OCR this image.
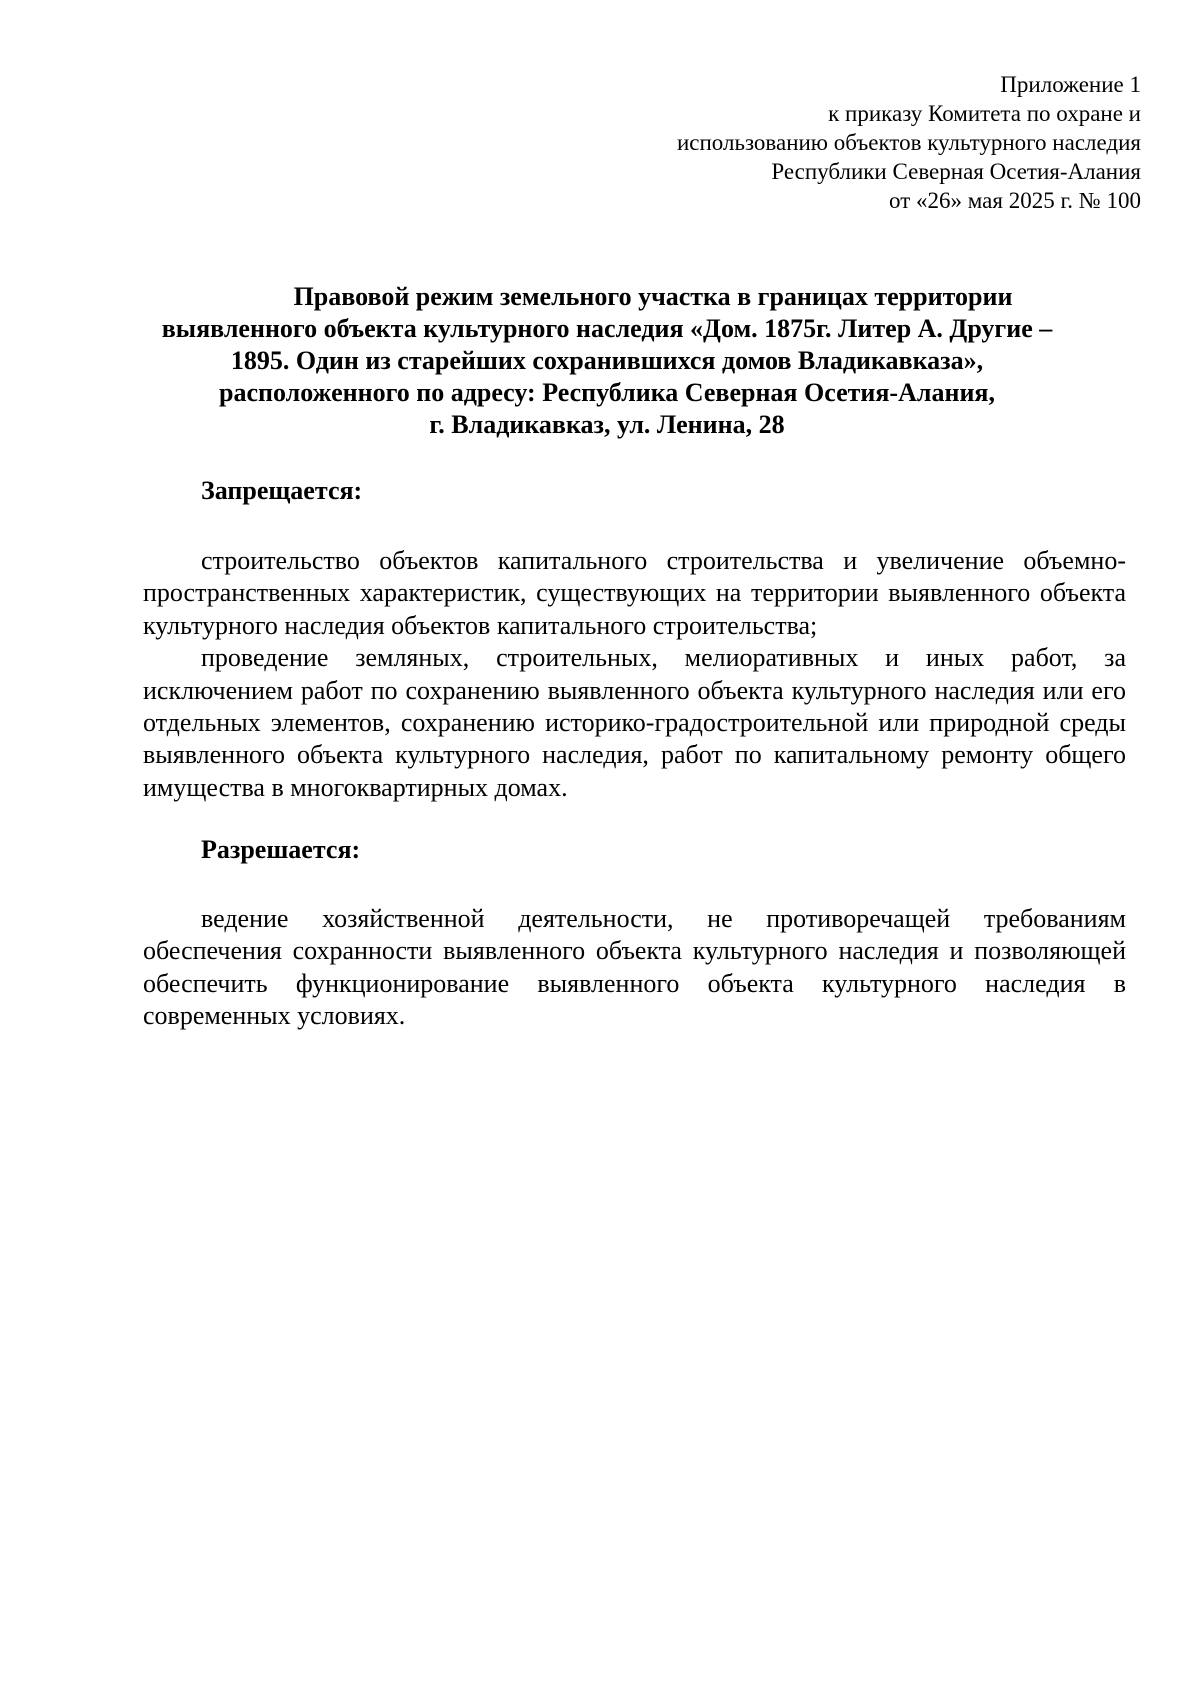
Приложение 1
к приказу Комитета по охране и
использованию объектов культурного наследия
Республики Северная Осетия-Алания
от «26» мая 2025 г. № 100
Правовой режим земельного участка в границах территории
выявленного объекта культурного наследия «Дом. 1875г. Литер А. Другие –
1895. Один из старейших сохранившихся домов Владикавказа»,
расположенного по адресу: Республика Северная Осетия-Алания,
г. Владикавказ, ул. Ленина, 28
Запрещается:

строительство объектов капитального строительства и увеличение объемно-пространственных характеристик, существующих на территории выявленного объекта культурного наследия объектов капитального строительства;

проведение земляных, строительных, мелиоративных и иных работ, за исключением работ по сохранению выявленного объекта культурного наследия или его отдельных элементов, сохранению историко-градостроительной или природной среды выявленного объекта культурного наследия, работ по капитальному ремонту общего имущества в многоквартирных домах.

Разрешается:

ведение хозяйственной деятельности, не противоречащей требованиям обеспечения сохранности выявленного объекта культурного наследия и позволяющей обеспечить функционирование выявленного объекта культурного наследия в современных условиях.
